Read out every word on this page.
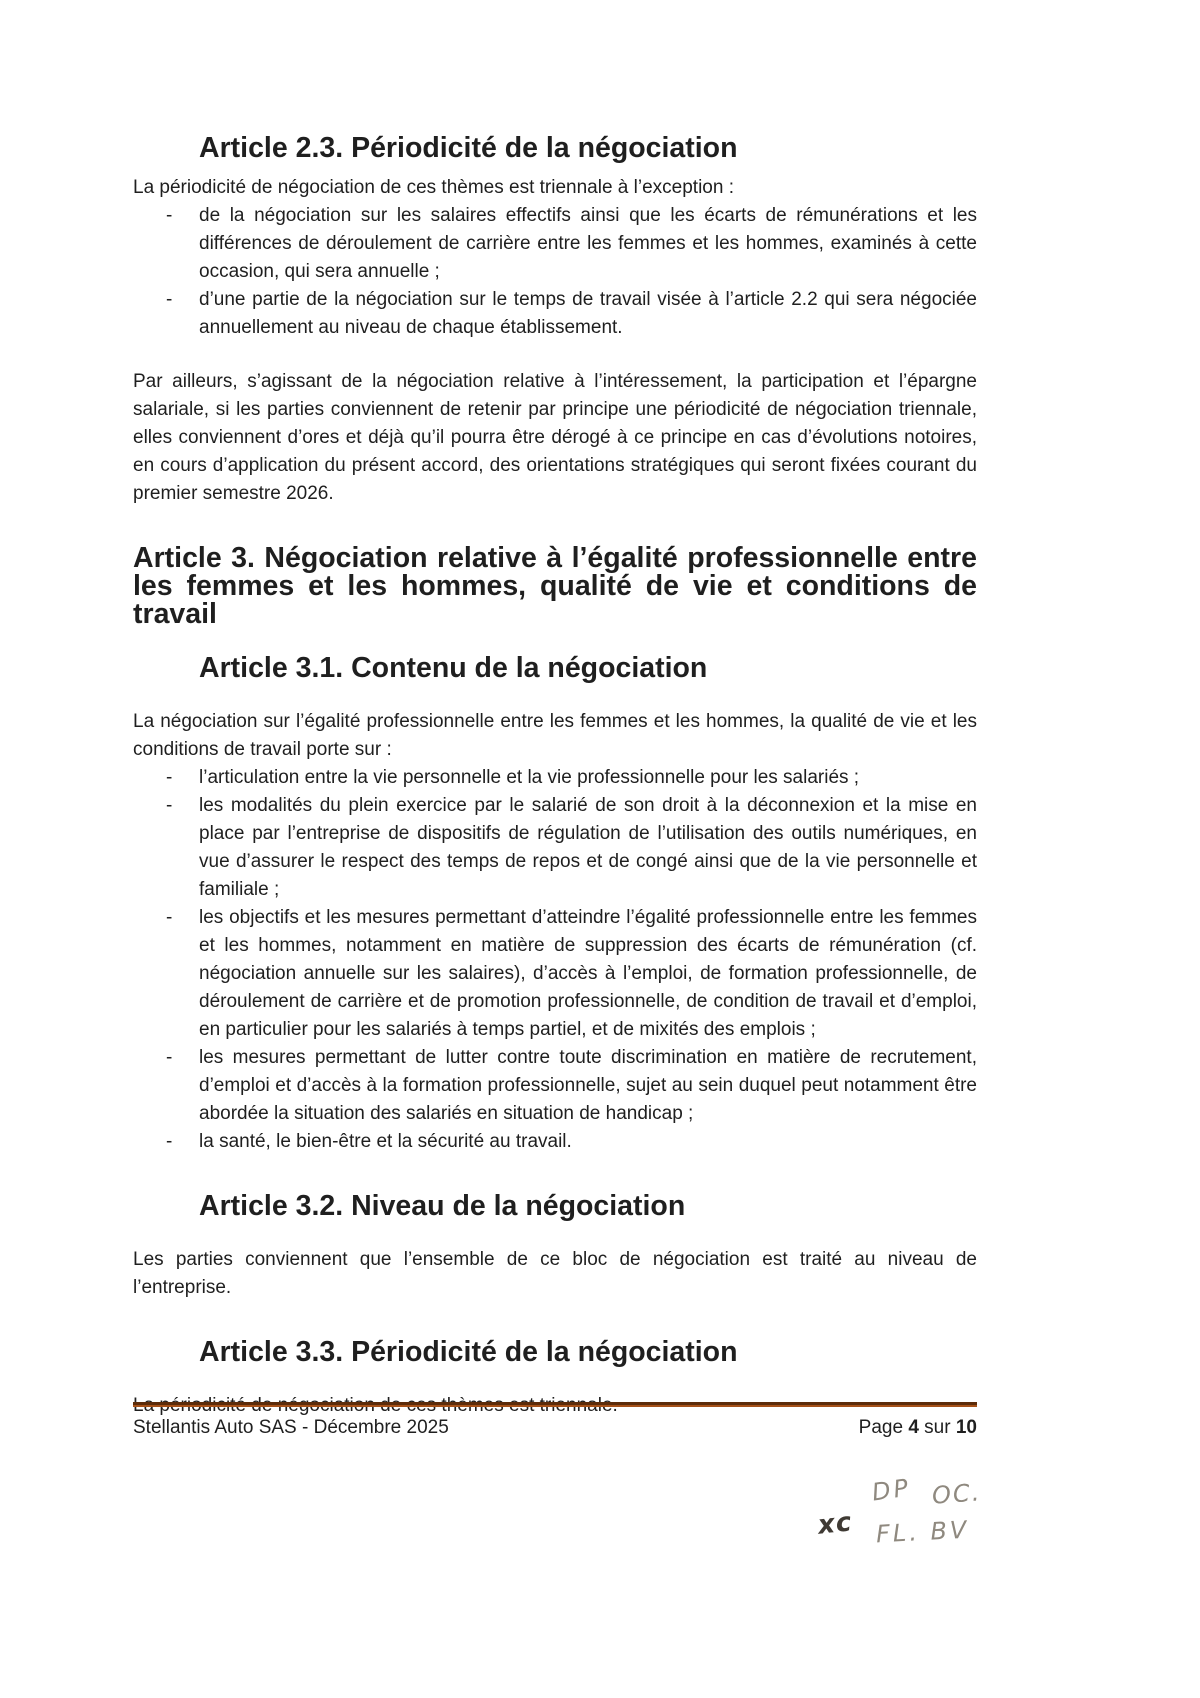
Article 2.3. Périodicité de la négociation

La périodicité de négociation de ces thèmes est triennale à l’exception :

- de la négociation sur les salaires effectifs ainsi que les écarts de rémunérations et les différences de déroulement de carrière entre les femmes et les hommes, examinés à cette occasion, qui sera annuelle ;
- d’une partie de la négociation sur le temps de travail visée à l’article 2.2 qui sera négociée annuellement au niveau de chaque établissement.

Par ailleurs, s’agissant de la négociation relative à l’intéressement, la participation et l’épargne salariale, si les parties conviennent de retenir par principe une périodicité de négociation triennale, elles conviennent d’ores et déjà qu’il pourra être dérogé à ce principe en cas d’évolutions notoires, en cours d’application du présent accord, des orientations stratégiques qui seront fixées courant du premier semestre 2026.

Article 3. Négociation relative à l’égalité professionnelle entre les femmes et les hommes, qualité de vie et conditions de travail
Article 3.1. Contenu de la négociation

La négociation sur l’égalité professionnelle entre les femmes et les hommes, la qualité de vie et les conditions de travail porte sur :

- l’articulation entre la vie personnelle et la vie professionnelle pour les salariés ;
- les modalités du plein exercice par le salarié de son droit à la déconnexion et la mise en place par l’entreprise de dispositifs de régulation de l’utilisation des outils numériques, en vue d’assurer le respect des temps de repos et de congé ainsi que de la vie personnelle et familiale ;
- les objectifs et les mesures permettant d’atteindre l’égalité professionnelle entre les femmes et les hommes, notamment en matière de suppression des écarts de rémunération (cf. négociation annuelle sur les salaires), d’accès à l’emploi, de formation professionnelle, de déroulement de carrière et de promotion professionnelle, de condition de travail et d’emploi, en particulier pour les salariés à temps partiel, et de mixités des emplois ;
- les mesures permettant de lutter contre toute discrimination en matière de recrutement, d’emploi et d’accès à la formation professionnelle, sujet au sein duquel peut notamment être abordée la situation des salariés en situation de handicap ;
- la santé, le bien-être et la sécurité au travail.
Article 3.2. Niveau de la négociation

Les parties conviennent que l’ensemble de ce bloc de négociation est traité au niveau de l’entreprise.

Article 3.3. Périodicité de la négociation

Stellantis Auto SAS - Décembre 2025	Page 4 sur 10
DP OC.
xc FL. BV
